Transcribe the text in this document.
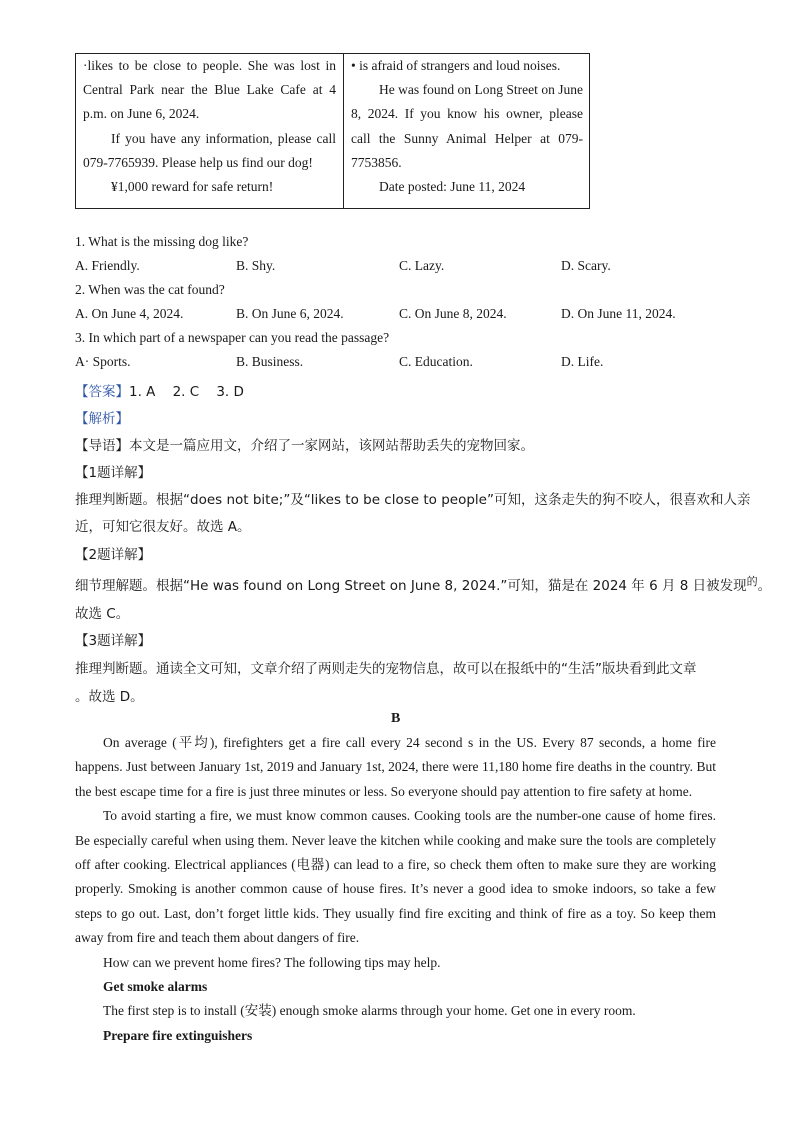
·likes to be close to people. She was lost in Central Park near the Blue Lake Cafe at 4 p.m. on June 6, 2024.

If you have any information, please call 079-7765939. Please help us find our dog!

¥1,000 reward for safe return!

• is afraid of strangers and loud noises.

He was found on Long Street on June 8, 2024. If you know his owner, please call the Sunny Animal Helper at 079-7753856.

Date posted: June 11, 2024

1. What is the missing dog like?
A. Friendly.	B. Shy.	C. Lazy.	D. Scary.
2. When was the cat found?
A. On June 4, 2024.	B. On June 6, 2024.	C. On June 8, 2024.	D. On June 11, 2024.
3. In which part of a newspaper can you read the passage?
A· Sports.	B. Business.	C. Education.	D. Life.
【答案】1. A    2. C    3. D
【解析】
【导语】本文是一篇应用文，介绍了一家网站，该网站帮助丢失的宠物回家。
【1题详解】
推理判断题。根据“does not bite;”及“likes to be close to people”可知，这条走失的狗不咬人，很喜欢和人亲
近，可知它很友好。故选 A。
【2题详解】
细节理解题。根据“He was found on Long Street on June 8, 2024.”可知，猫是在 2024 年 6 月 8 日被发现$^的$。
故选 C。
【3题详解】
推理判断题。通读全文可知，文章介绍了两则走失的宠物信息，故可以在报纸中的“生活”版块看到此文章
。故选 D。
B

On average (平均), firefighters get a fire call every 24 second s in the US. Every 87 seconds, a home fire happens. Just between January 1st, 2019 and January 1st, 2024, there were 11,180 home fire deaths in the country. But the best escape time for a fire is just three minutes or less. So everyone should pay attention to fire safety at home.

To avoid starting a fire, we must know common causes. Cooking tools are the number-one cause of home fires. Be especially careful when using them. Never leave the kitchen while cooking and make sure the tools are completely off after cooking. Electrical appliances (电器) can lead to a fire, so check them often to make sure they are working properly. Smoking is another common cause of house fires. It’s never a good idea to smoke indoors, so take a few steps to go out. Last, don’t forget little kids. They usually find fire exciting and think of fire as a toy. So keep them away from fire and teach them about dangers of fire.

How can we prevent home fires? The following tips may help.

Get smoke alarms

The first step is to install (安装) enough smoke alarms through your home. Get one in every room.

Prepare fire extinguishers
